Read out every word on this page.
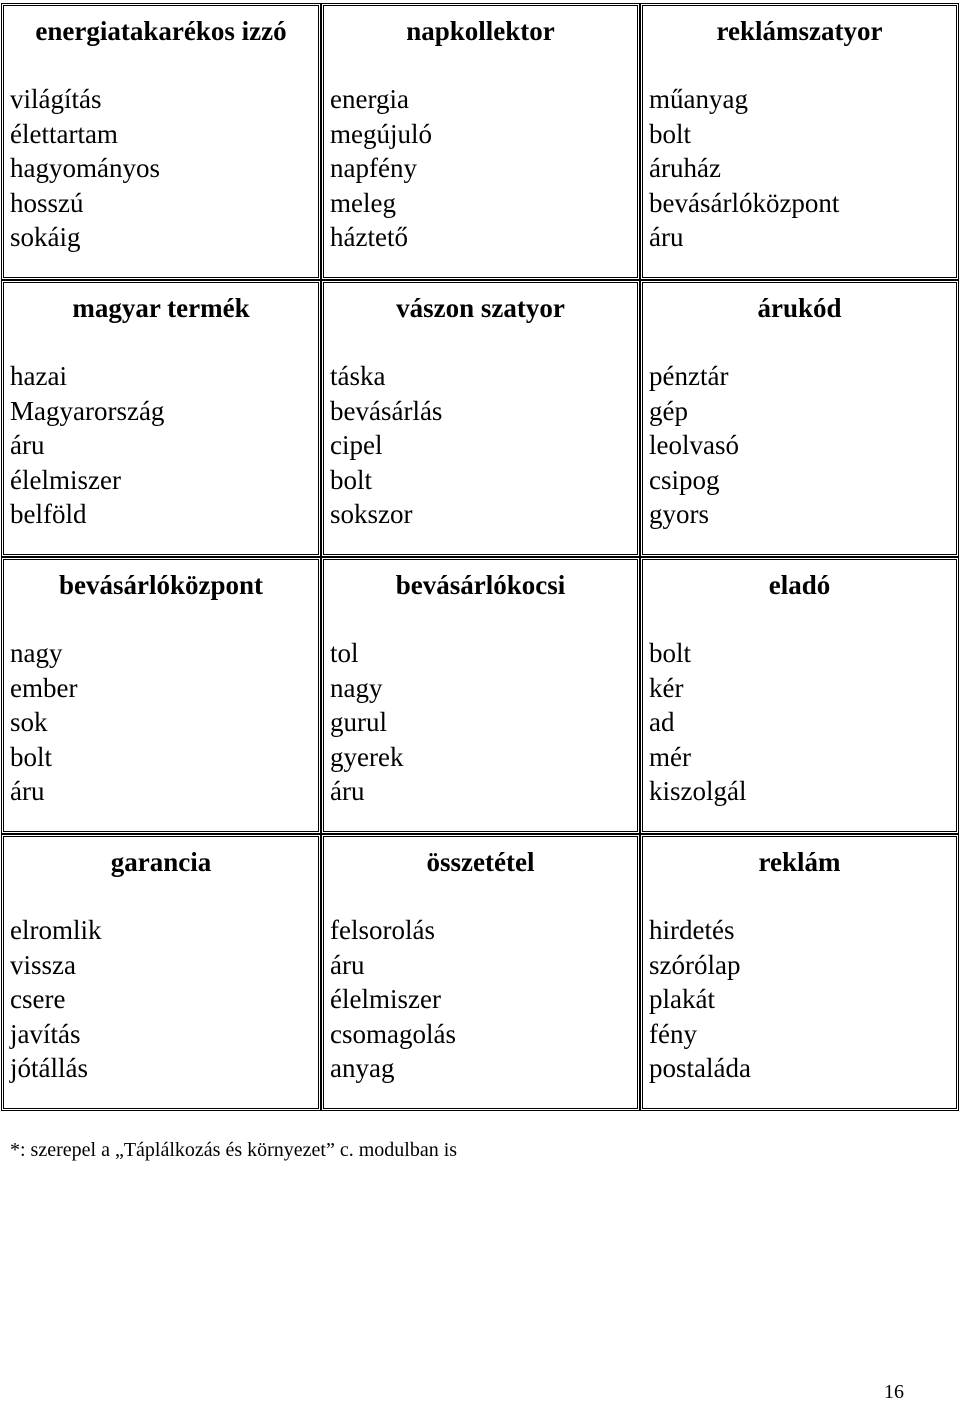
energiatakarékos izzó
világítás
élettartam
hagyományos
hosszú
sokáig
napkollektor
energia
megújuló
napfény
meleg
háztető
reklámszatyor
műanyag
bolt
áruház
bevásárlóközpont
áru
magyar termék
hazai
Magyarország
áru
élelmiszer
belföld
vászon szatyor
táska
bevásárlás
cipel
bolt
sokszor
árukód
pénztár
gép
leolvasó
csipog
gyors
bevásárlóközpont
nagy
ember
sok
bolt
áru
bevásárlókocsi
tol
nagy
gurul
gyerek
áru
eladó
bolt
kér
ad
mér
kiszolgál
garancia
elromlik
vissza
csere
javítás
jótállás
összetétel
felsorolás
áru
élelmiszer
csomagolás
anyag
reklám
hirdetés
szórólap
plakát
fény
postaláda
*: szerepel a „Táplálkozás és környezet” c. modulban is
16
